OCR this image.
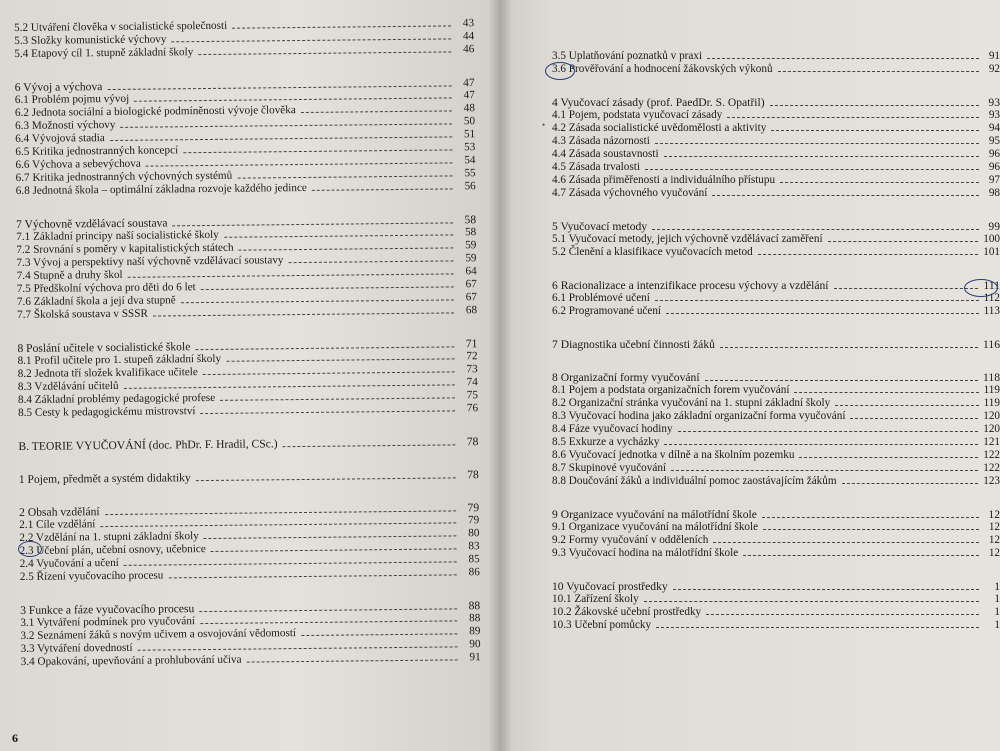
5.2 Utváření člověka v socialistické společnosti	43
5.3 Složky komunistické výchovy	44
5.4 Etapový cíl 1. stupně základní školy	46
6 Vývoj a výchova	47
6.1 Problém pojmu vývoj	47
6.2 Jednota sociální a biologické podmíněnosti vývoje člověka	48
6.3 Možnosti výchovy	50
6.4 Vývojová stadia	51
6.5 Kritika jednostranných koncepcí	53
6.6 Výchova a sebevýchova	54
6.7 Kritika jednostranných výchovných systémů	55
6.8 Jednotná škola – optimální základna rozvoje každého jedince	56
7 Výchovně vzdělávací soustava	58
7.1 Základní principy naší socialistické školy	58
7.2 Srovnání s poměry v kapitalistických státech	59
7.3 Vývoj a perspektivy naší výchovně vzdělávací soustavy	59
7.4 Stupně a druhy škol	64
7.5 Předškolní výchova pro děti do 6 let	67
7.6 Základní škola a její dva stupně	67
7.7 Školská soustava v SSSR	68
8 Poslání učitele v socialistické škole	71
8.1 Profil učitele pro 1. stupeň základní školy	72
8.2 Jednota tří složek kvalifikace učitele	73
8.3 Vzdělávání učitelů	74
8.4 Základní problémy pedagogické profese	75
8.5 Cesty k pedagogickému mistrovství	76
B. TEORIE VYUČOVÁNÍ (doc. PhDr. F. Hradil, CSc.)	78
1 Pojem, předmět a systém didaktiky	78
2 Obsah vzdělání	79
2.1 Cíle vzdělání	79
2.2 Vzdělání na 1. stupni základní školy	80
2.3 Učební plán, učební osnovy, učebnice	83
2.4 Vyučování a učení	85
2.5 Řízení vyučovacího procesu	86
3 Funkce a fáze vyučovacího procesu	88
3.1 Vytváření podmínek pro vyučování	88
3.2 Seznámení žáků s novým učivem a osvojování vědomostí	89
3.3 Vytváření dovedností	90
3.4 Opakování, upevňování a prohlubování učiva	91
6
3.5 Uplatňování poznatků v praxi	91
3.6 Prověřování a hodnocení žákovských výkonů	92
4 Vyučovací zásady (prof. PaedDr. S. Opatřil)	93
4.1 Pojem, podstata vyučovací zásady	93
4.2 Zásada socialistické uvědomělosti a aktivity	94
4.3 Zásada názornosti	95
4.4 Zásada soustavnosti	96
4.5 Zásada trvalosti	96
4.6 Zásada přiměřenosti a individuálního přístupu	97
4.7 Zásada výchovného vyučování	98
5 Vyučovací metody	99
5.1 Vyučovací metody, jejich výchovně vzdělávací zaměření	100
5.2 Členění a klasifikace vyučovacích metod	101
6 Racionalizace a intenzifikace procesu výchovy a vzdělání	111
6.1 Problémové učení	112
6.2 Programované učení	113
7 Diagnostika učební činnosti žáků	116
8 Organizační formy vyučování	118
8.1 Pojem a podstata organizačních forem vyučování	119
8.2 Organizační stránka vyučování na 1. stupni základní školy	119
8.3 Vyučovací hodina jako základní organizační forma vyučování	120
8.4 Fáze vyučovací hodiny	120
8.5 Exkurze a vycházky	121
8.6 Vyučovací jednotka v dílně a na školním pozemku	122
8.7 Skupinové vyučování	122
8.8 Doučování žáků a individuální pomoc zaostávajícím žákům	123
9 Organizace vyučování na málotřídní škole	12
9.1 Organizace vyučování na málotřídní škole	12
9.2 Formy vyučování v odděleních	12
9.3 Vyučovací hodina na málotřídní škole	12
10 Vyučovací prostředky	1
10.1 Zařízení školy	1
10.2 Žákovské učební prostředky	1
10.3 Učební pomůcky	1
•
